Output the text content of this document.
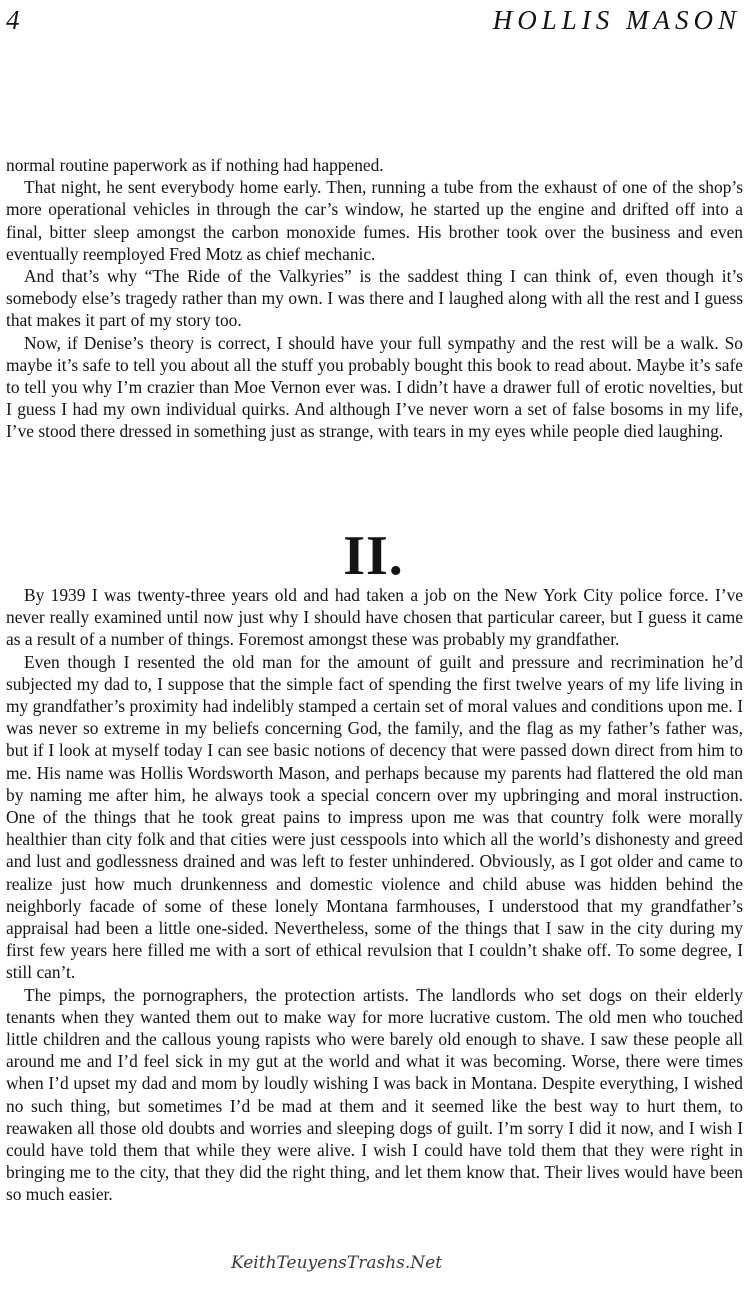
4	HOLLIS MASON

normal routine paperwork as if nothing had happened.

That night, he sent everybody home early. Then, running a tube from the exhaust of one of the shop’s more operational vehicles in through the car’s window, he started up the engine and drifted off into a final, bitter sleep amongst the carbon monoxide fumes. His brother took over the business and even eventually reemployed Fred Motz as chief mechanic.

And that’s why “The Ride of the Valkyries” is the saddest thing I can think of, even though it’s somebody else’s tragedy rather than my own. I was there and I laughed along with all the rest and I guess that makes it part of my story too.

Now, if Denise’s theory is correct, I should have your full sympathy and the rest will be a walk. So maybe it’s safe to tell you about all the stuff you probably bought this book to read about. Maybe it’s safe to tell you why I’m crazier than Moe Vernon ever was. I didn’t have a drawer full of erotic novelties, but I guess I had my own individual quirks. And although I’ve never worn a set of false bosoms in my life, I’ve stood there dressed in something just as strange, with tears in my eyes while people died laughing.

II.

By 1939 I was twenty-three years old and had taken a job on the New York City police force. I’ve never really examined until now just why I should have chosen that particular career, but I guess it came as a result of a number of things. Foremost amongst these was probably my grandfather.

Even though I resented the old man for the amount of guilt and pressure and recrimination he’d subjected my dad to, I suppose that the simple fact of spending the first twelve years of my life living in my grandfather’s proximity had indelibly stamped a certain set of moral values and conditions upon me. I was never so extreme in my beliefs concerning God, the family, and the flag as my father’s father was, but if I look at myself today I can see basic notions of decency that were passed down direct from him to me. His name was Hollis Wordsworth Mason, and perhaps because my parents had flattered the old man by naming me after him, he always took a special concern over my upbringing and moral instruction. One of the things that he took great pains to impress upon me was that country folk were morally healthier than city folk and that cities were just cesspools into which all the world’s dishonesty and greed and lust and godlessness drained and was left to fester unhindered. Obviously, as I got older and came to realize just how much drunkenness and domestic violence and child abuse was hidden behind the neighborly facade of some of these lonely Montana farmhouses, I understood that my grandfather’s appraisal had been a little one-sided. Nevertheless, some of the things that I saw in the city during my first few years here filled me with a sort of ethical revulsion that I couldn’t shake off. To some degree, I still can’t.

The pimps, the pornographers, the protection artists. The landlords who set dogs on their elderly tenants when they wanted them out to make way for more lucrative custom. The old men who touched little children and the callous young rapists who were barely old enough to shave. I saw these people all around me and I’d feel sick in my gut at the world and what it was becoming. Worse, there were times when I’d upset my dad and mom by loudly wishing I was back in Montana. Despite everything, I wished no such thing, but sometimes I’d be mad at them and it seemed like the best way to hurt them, to reawaken all those old doubts and worries and sleeping dogs of guilt. I’m sorry I did it now, and I wish I could have told them that while they were alive. I wish I could have told them that they were right in bringing me to the city, that they did the right thing, and let them know that. Their lives would have been so much easier.

KeithTeuyensTrashs.Net
